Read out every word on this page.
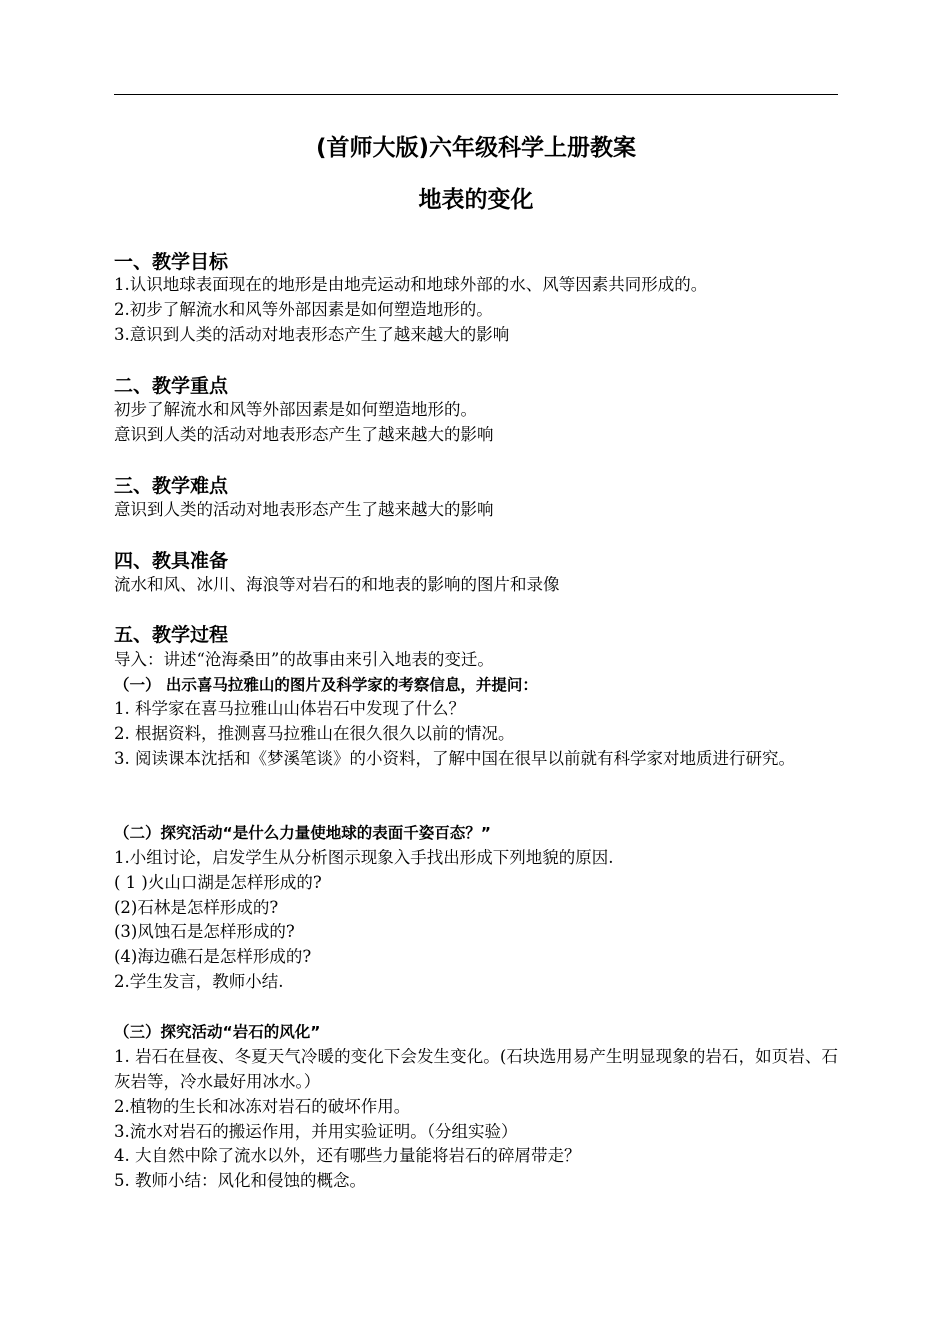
(首师大版)六年级科学上册教案
地表的变化
一、教学目标
1.认识地球表面现在的地形是由地壳运动和地球外部的水、风等因素共同形成的。
2.初步了解流水和风等外部因素是如何塑造地形的。
3.意识到人类的活动对地表形态产生了越来越大的影响
二、教学重点
初步了解流水和风等外部因素是如何塑造地形的。
意识到人类的活动对地表形态产生了越来越大的影响
三、教学难点
意识到人类的活动对地表形态产生了越来越大的影响
四、教具准备
流水和风、冰川、海浪等对岩石的和地表的影响的图片和录像
五、教学过程
导入：讲述“沧海桑田”的故事由来引入地表的变迁。
（一） 出示喜马拉雅山的图片及科学家的考察信息，并提问：
1. 科学家在喜马拉雅山山体岩石中发现了什么？
2. 根据资料，推测喜马拉雅山在很久很久以前的情况。
3. 阅读课本沈括和《梦溪笔谈》的小资料，了解中国在很早以前就有科学家对地质进行研究。
（二）探究活动“是什么力量使地球的表面千姿百态？”
1.小组讨论，启发学生从分析图示现象入手找出形成下列地貌的原因.
( 1 )火山口湖是怎样形成的?
(2)石林是怎样形成的?
(3)风蚀石是怎样形成的?
(4)海边礁石是怎样形成的?
2.学生发言，教师小结.
（三）探究活动“岩石的风化”
1. 岩石在昼夜、冬夏天气冷暖的变化下会发生变化。(石块选用易产生明显现象的岩石，如页岩、石灰岩等，冷水最好用冰水。）
2.植物的生长和冰冻对岩石的破坏作用。
3.流水对岩石的搬运作用，并用实验证明。（分组实验）
4. 大自然中除了流水以外，还有哪些力量能将岩石的碎屑带走？
5. 教师小结：风化和侵蚀的概念。
